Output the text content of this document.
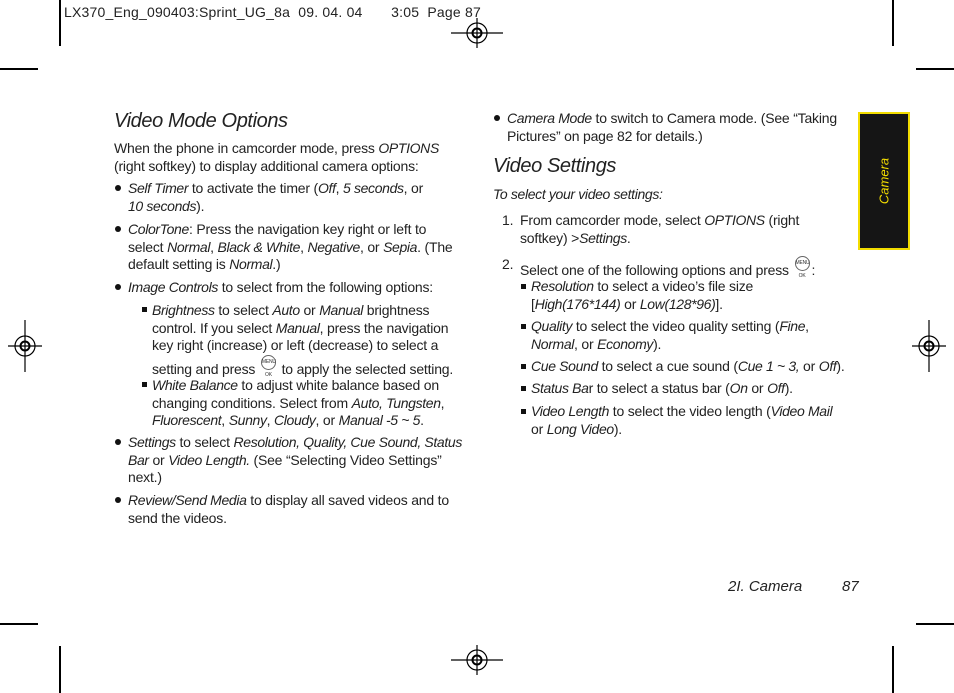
LX370_Eng_090403:Sprint_UG_8a  09. 04. 04       3:05  Page 87
Video Mode Options
When the phone in camcorder mode, press OPTIONS
(right softkey) to display additional camera options:
Self Timer to activate the timer (Off, 5 seconds, or
10 seconds).
ColorTone: Press the navigation key right or left to
select Normal, Black & White, Negative, or Sepia. (The
default setting is Normal.)
Image Controls to select from the following options:
Brightness to select Auto or Manual brightness
control. If you select Manual, press the navigation
key right (increase) or left (decrease) to select a
setting and press MENU OK to apply the selected setting.
White Balance to adjust white balance based on
changing conditions. Select from Auto, Tungsten,
Fluorescent, Sunny, Cloudy, or Manual -5 ~ 5.
Settings to select Resolution, Quality, Cue Sound, Status
Bar or Video Length. (See “Selecting Video Settings”
next.)
Review/Send Media to display all saved videos and to
send the videos.
Camera Mode to switch to Camera mode. (See “Taking
Pictures” on page 82 for details.)
Video Settings
To select your video settings:
1. From camcorder mode, select OPTIONS (right
softkey) >Settings.
2. Select one of the following options and press MENU OK :
Resolution to select a video’s file size
[High(176*144) or Low(128*96)].
Quality to select the video quality setting (Fine,
Normal, or Economy).
Cue Sound to select a cue sound (Cue 1 ~ 3, or Off).
Status Bar to select a status bar (On or Off).
Video Length to select the video length (Video Mail
or Long Video).
Camera
2I. Camera	87
